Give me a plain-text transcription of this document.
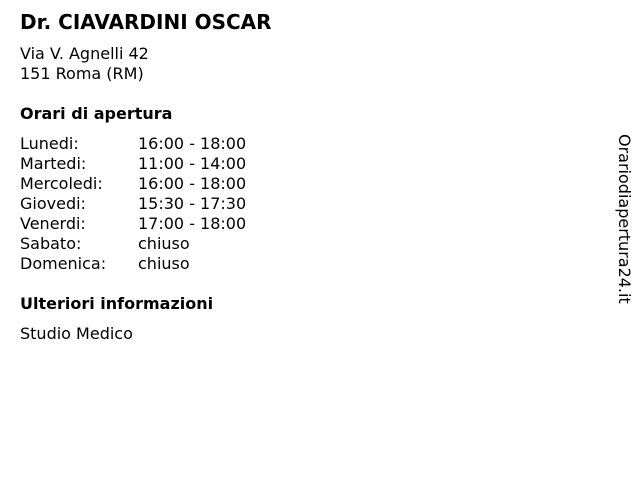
Dr. CIAVARDINI OSCAR
Via V. Agnelli 42
151 Roma (RM)
Orari di apertura
Lunedi:	16:00 - 18:00
Martedi:	11:00 - 14:00
Mercoledi: 16:00 - 18:00
Giovedi:	15:30 - 17:30
Venerdi:	17:00 - 18:00
Sabato:	chiuso
Domenica: chiuso
Ulteriori informazioni
Studio Medico
Orariodiapertura24.it
